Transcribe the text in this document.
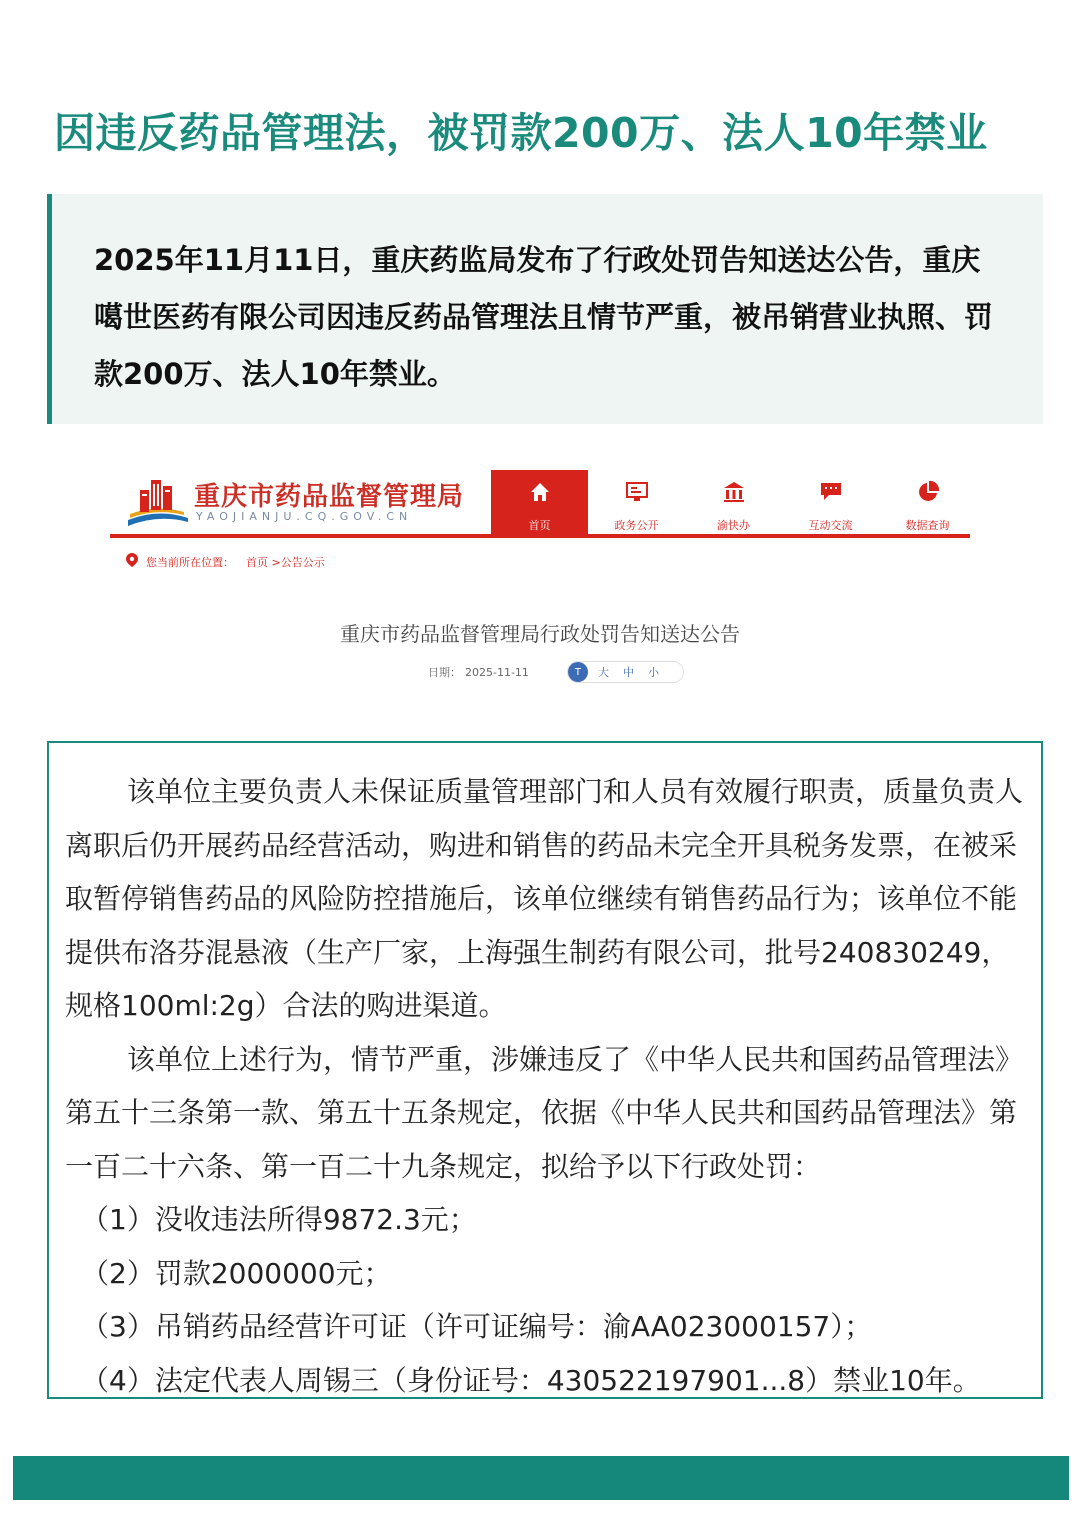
因违反药品管理法，被罚款200万、法人10年禁业

2025年11月11日，重庆药监局发布了行政处罚告知送达公告，重庆噶世医药有限公司因违反药品管理法且情节严重，被吊销营业执照、罚款200万、法人10年禁业。

重庆市药品监督管理局
YAOJIANJU.CQ.GOV.CN
首页	政务公开	渝快办	互动交流	数据查询
您当前所在位置： 首页 >公告公示
重庆市药品监督管理局行政处罚告知送达公告
日期： 2025-11-11	T	大 中 小

该单位主要负责人未保证质量管理部门和人员有效履行职责，质量负责人离职后仍开展药品经营活动，购进和销售的药品未完全开具税务发票，在被采取暂停销售药品的风险防控措施后，该单位继续有销售药品行为；该单位不能提供布洛芬混悬液（生产厂家，上海强生制药有限公司，批号240830249，规格100ml:2g）合法的购进渠道。

该单位上述行为，情节严重，涉嫌违反了《中华人民共和国药品管理法》第五十三条第一款、第五十五条规定，依据《中华人民共和国药品管理法》第一百二十六条、第一百二十九条规定，拟给予以下行政处罚：

（1）没收违法所得9872.3元；

（2）罚款2000000元；

（3）吊销药品经营许可证（许可证编号：渝AA023000157）；

（4）法定代表人周锡三（身份证号：430522197901...8）禁业10年。
